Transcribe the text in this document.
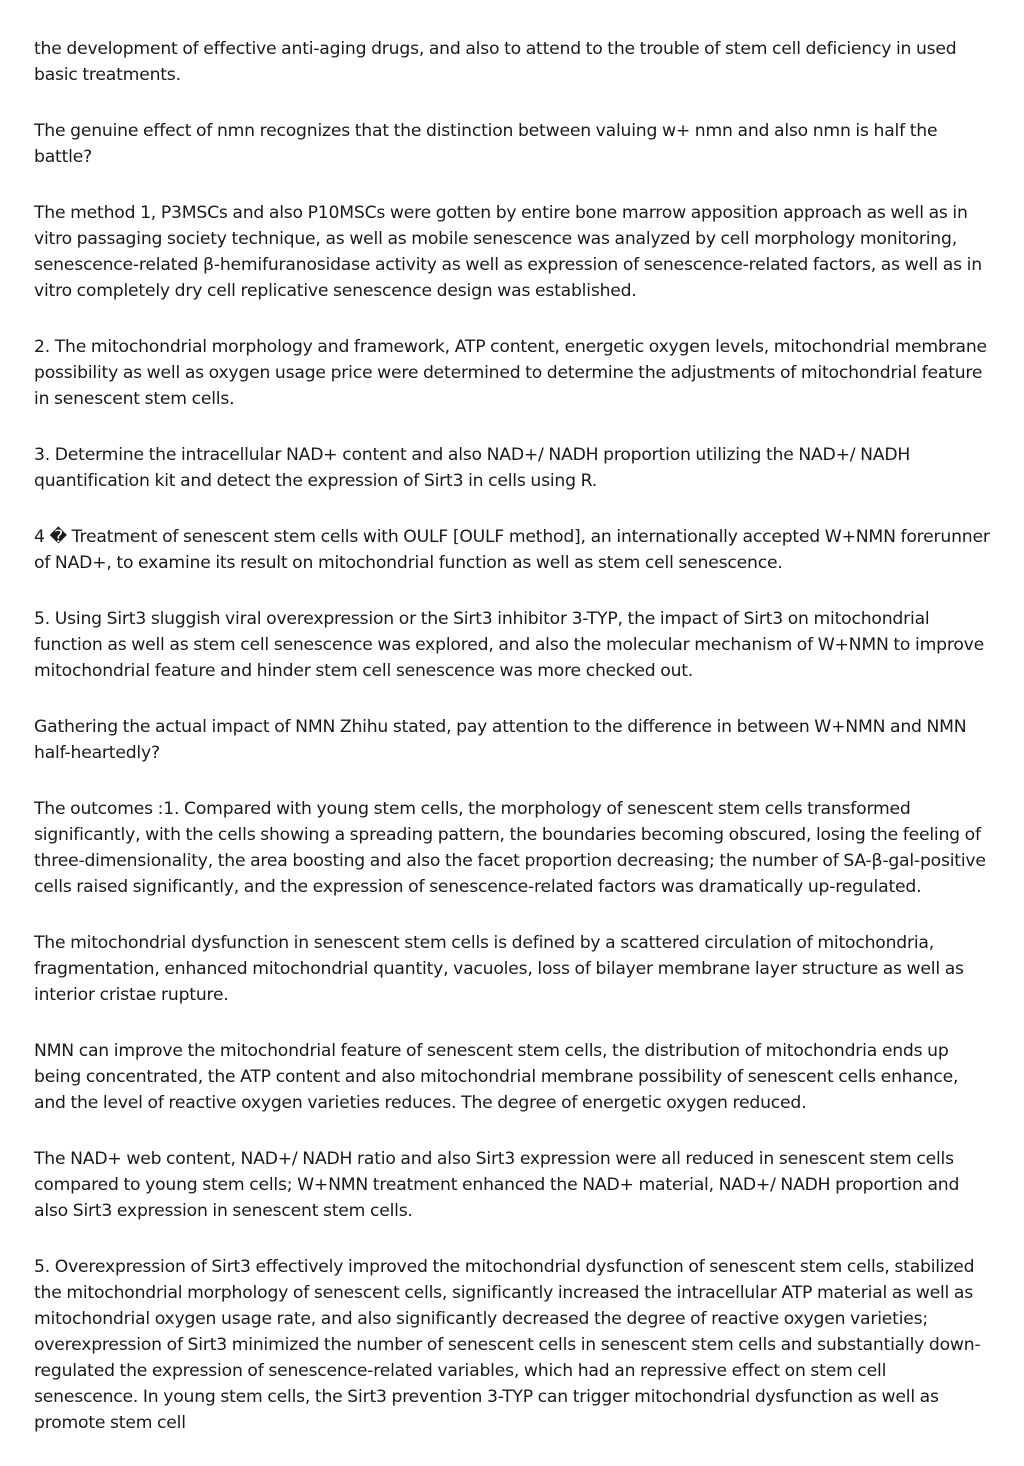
the development of effective anti-aging drugs, and also to attend to the trouble of stem cell deficiency in used basic treatments.

The genuine effect of nmn recognizes that the distinction between valuing w+ nmn and also nmn is half the battle?

The method 1, P3MSCs and also P10MSCs were gotten by entire bone marrow apposition approach as well as in vitro passaging society technique, as well as mobile senescence was analyzed by cell morphology monitoring, senescence-related β-hemifuranosidase activity as well as expression of senescence-related factors, as well as in vitro completely dry cell replicative senescence design was established.

2. The mitochondrial morphology and framework, ATP content, energetic oxygen levels, mitochondrial membrane possibility as well as oxygen usage price were determined to determine the adjustments of mitochondrial feature in senescent stem cells.

3. Determine the intracellular NAD+ content and also NAD+/ NADH proportion utilizing the NAD+/ NADH quantification kit and detect the expression of Sirt3 in cells using R.

4 � Treatment of senescent stem cells with OULF [OULF method], an internationally accepted W+NMN forerunner of NAD+, to examine its result on mitochondrial function as well as stem cell senescence.

5. Using Sirt3 sluggish viral overexpression or the Sirt3 inhibitor 3-TYP, the impact of Sirt3 on mitochondrial function as well as stem cell senescence was explored, and also the molecular mechanism of W+NMN to improve mitochondrial feature and hinder stem cell senescence was more checked out.

Gathering the actual impact of NMN Zhihu stated, pay attention to the difference in between W+NMN and NMN half-heartedly?

The outcomes :1. Compared with young stem cells, the morphology of senescent stem cells transformed significantly, with the cells showing a spreading pattern, the boundaries becoming obscured, losing the feeling of three-dimensionality, the area boosting and also the facet proportion decreasing; the number of SA-β-gal-positive cells raised significantly, and the expression of senescence-related factors was dramatically up-regulated.

The mitochondrial dysfunction in senescent stem cells is defined by a scattered circulation of mitochondria, fragmentation, enhanced mitochondrial quantity, vacuoles, loss of bilayer membrane layer structure as well as interior cristae rupture.

NMN can improve the mitochondrial feature of senescent stem cells, the distribution of mitochondria ends up being concentrated, the ATP content and also mitochondrial membrane possibility of senescent cells enhance, and the level of reactive oxygen varieties reduces. The degree of energetic oxygen reduced.

The NAD+ web content, NAD+/ NADH ratio and also Sirt3 expression were all reduced in senescent stem cells compared to young stem cells; W+NMN treatment enhanced the NAD+ material, NAD+/ NADH proportion and also Sirt3 expression in senescent stem cells.

5. Overexpression of Sirt3 effectively improved the mitochondrial dysfunction of senescent stem cells, stabilized the mitochondrial morphology of senescent cells, significantly increased the intracellular ATP material as well as mitochondrial oxygen usage rate, and also significantly decreased the degree of reactive oxygen varieties; overexpression of Sirt3 minimized the number of senescent cells in senescent stem cells and substantially down-regulated the expression of senescence-related variables, which had an repressive effect on stem cell senescence. In young stem cells, the Sirt3 prevention 3-TYP can trigger mitochondrial dysfunction as well as promote stem cell
